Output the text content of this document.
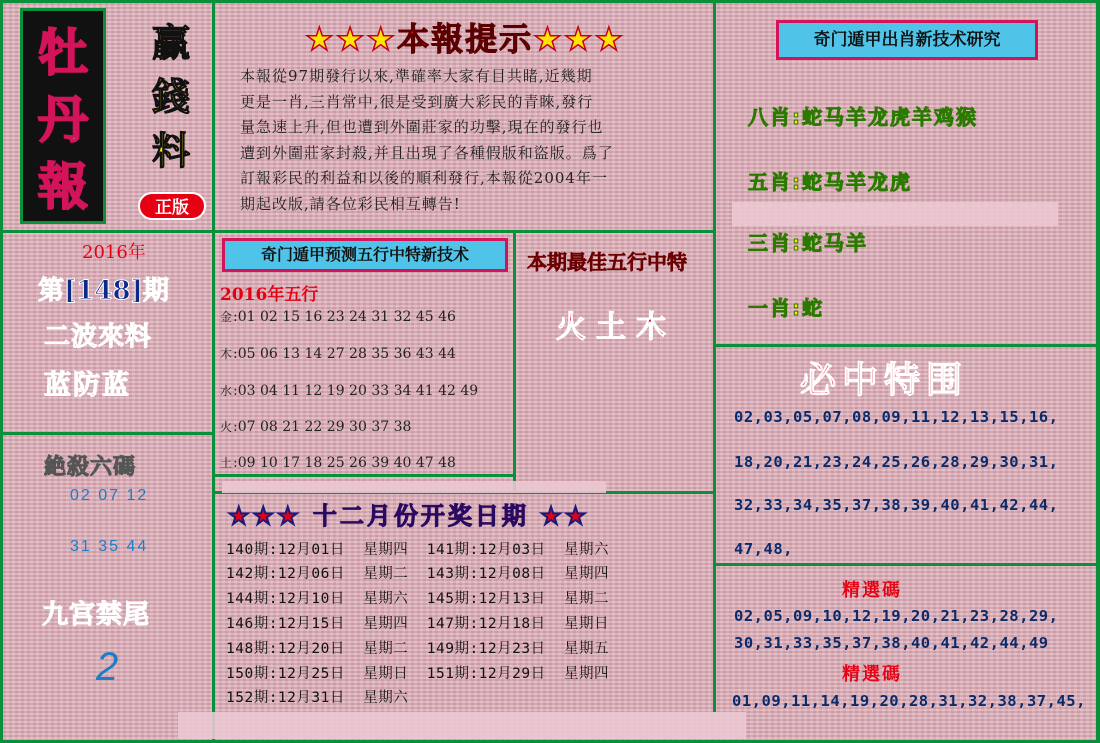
牡
丹
報
贏
錢
料
正版
★★★本報提示★★★
本報從97期發行以來,準確率大家有目共睹,近幾期
更是一肖,三肖常中,很是受到廣大彩民的青睞,發行
量急速上升,但也遭到外圍莊家的功擊,現在的發行也
遭到外圍莊家封殺,并且出現了各種假版和盜版。爲了
訂報彩民的利益和以後的順利發行,本報從2004年一
期起改版,請各位彩民相互轉告!
奇门遁甲出肖新技术研究
八肖:蛇马羊龙虎羊鸡猴
五肖:蛇马羊龙虎
三肖:蛇马羊
一肖:蛇
2016年
第[148]期
二波來料
蓝防蓝
絶殺六碼
02 07 12
31 35 44
九宫禁尾
2
奇门遁甲预测五行中特新技术
2016年五行
金:01 02 15 16 23 24 31 32 45 46
木:05 06 13 14 27 28 35 36 43 44
水:03 04 11 12 19 20 33 34 41 42 49
火:07 08 21 22 29 30 37 38
土:09 10 17 18 25 26 39 40 47 48
本期最佳五行中特
火土木
必中特围
02,03,05,07,08,09,11,12,13,15,16,
18,20,21,23,24,25,26,28,29,30,31,
32,33,34,35,37,38,39,40,41,42,44,
47,48,
精選碼
02,05,09,10,12,19,20,21,23,28,29,
30,31,33,35,37,38,40,41,42,44,49
精選碼
01,09,11,14,19,20,28,31,32,38,37,45,
★★★ 十二月份开奖日期 ★★
140期:12月01日  星期四  141期:12月03日  星期六
142期:12月06日  星期二  143期:12月08日  星期四
144期:12月10日  星期六  145期:12月13日  星期二
146期:12月15日  星期四  147期:12月18日  星期日
148期:12月20日  星期二  149期:12月23日  星期五
150期:12月25日  星期日  151期:12月29日  星期四
152期:12月31日  星期六
